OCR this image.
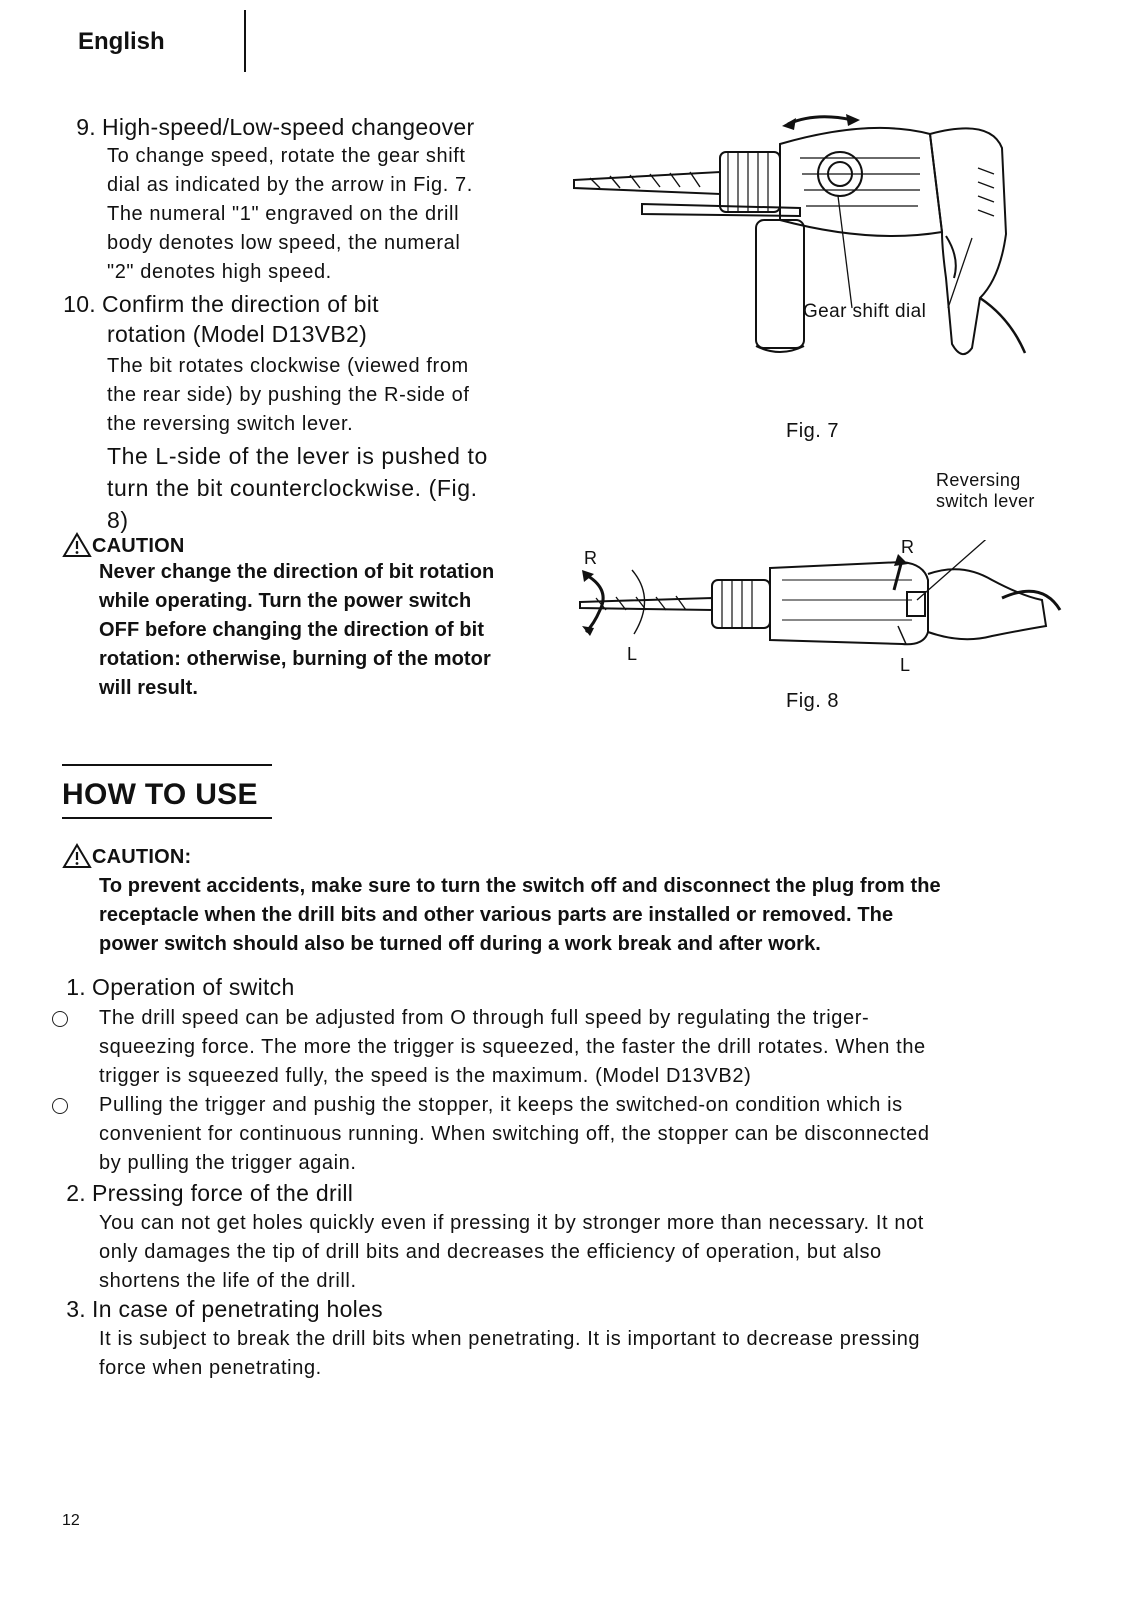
English
9. High-speed/Low-speed changeover
To change speed, rotate the gear shift
dial as indicated by the arrow in Fig. 7.
The numeral "1" engraved on the drill
body denotes low speed, the numeral
"2" denotes high speed.
10. Confirm the direction of bit
rotation (Model D13VB2)
The bit rotates clockwise (viewed from
the rear side) by pushing the R-side of
the reversing switch lever.
The L-side of the lever is pushed to
turn the bit counterclockwise. (Fig.
8)
CAUTION
Never change the direction of bit rotation
while operating. Turn the power switch
OFF before changing the direction of bit
rotation: otherwise, burning of the motor
will result.
Gear shift dial
Fig. 7
Reversing
switch lever
R
L
R
L
Fig. 8
HOW TO USE
CAUTION:
To prevent accidents, make sure to turn the switch off and disconnect the plug from the
receptacle when the drill bits and other various parts are installed or removed. The
power switch should also be turned off during a work break and after work.
1. Operation of switch
The drill speed can be adjusted from O through full speed by regulating the triger-
squeezing force. The more the trigger is squeezed, the faster the drill rotates. When the
trigger is squeezed fully, the speed is the maximum. (Model D13VB2)
Pulling the trigger and pushig the stopper, it keeps the switched-on condition which is
convenient for continuous running. When switching off, the stopper can be disconnected
by pulling the trigger again.
2. Pressing force of the drill
You can not get holes quickly even if pressing it by stronger more than necessary. It not
only damages the tip of drill bits and decreases the efficiency of operation, but also
shortens the life of the drill.
3. In case of penetrating holes
It is subject to break the drill bits when penetrating. It is important to decrease pressing
force when penetrating.
12
